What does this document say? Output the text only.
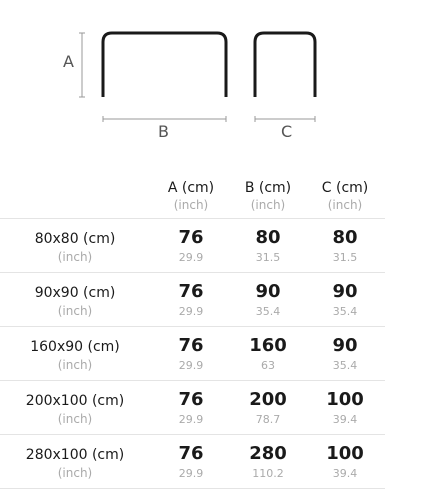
A
B	C
A (cm)
(inch)
B (cm)
(inch)
C (cm)
(inch)
80x80 (cm)
(inch)
76
29.9
80
31.5
80
31.5
90x90 (cm)
(inch)
76
29.9
90
35.4
90
35.4
160x90 (cm)
(inch)
76
29.9
160
63
90
35.4
200x100 (cm)
(inch)
76
29.9
200
78.7
100
39.4
280x100 (cm)
(inch)
76
29.9
280
110.2
100
39.4
